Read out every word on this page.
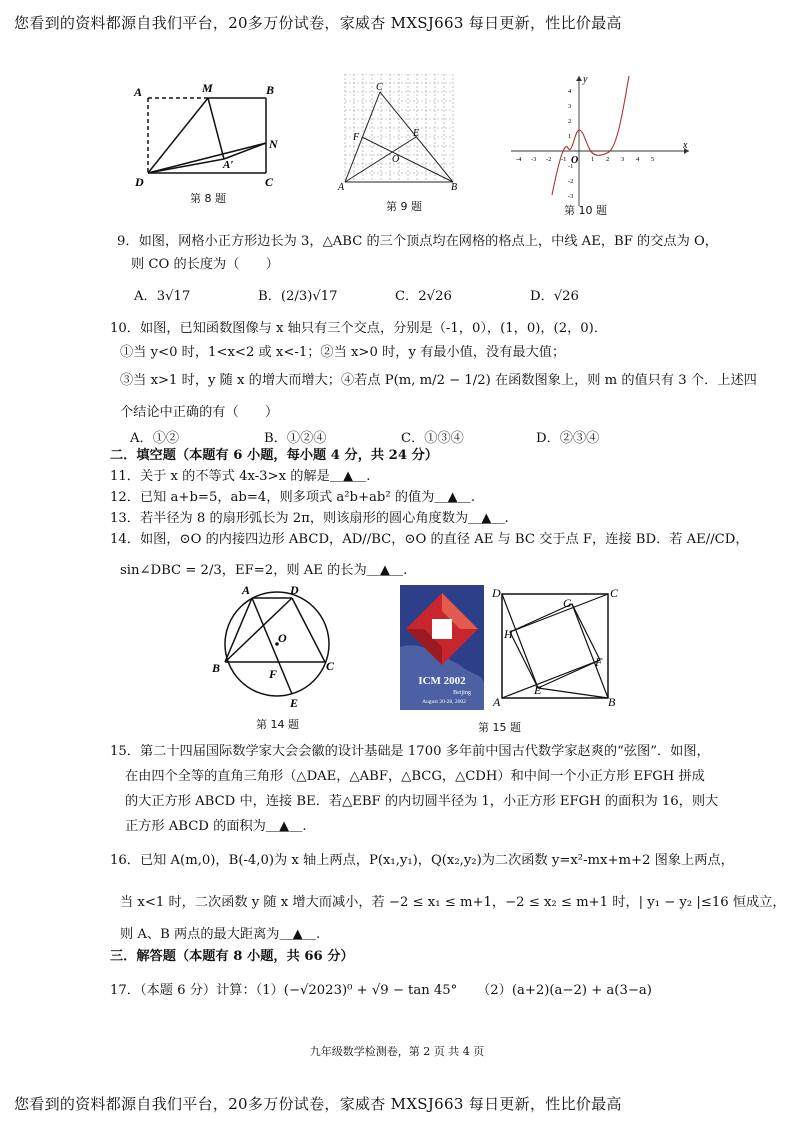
您看到的资料都源自我们平台，20多万份试卷，家威杏 MXSJ663 每日更新，性比价最高
A	M	B
N
A′
D	C
第 8 题
C
F	E
O
A	B
第 9 题
-4 -3 -2 -1	1 2 3 4 5
4
3
2
1
-1
-2
-3
x
y
O
第 10 题
9．如图，网格小正方形边长为 3，△ABC 的三个顶点均在网格的格点上，中线 AE，BF 的交点为 O，
则 CO 的长度为（　　）
A．3√17	B．(2/3)√17	C．2√26	D．√26
10．如图，已知函数图像与 x 轴只有三个交点，分别是（-1，0），(1，0)，(2，0)．
①当 y<0 时，1<x<2 或 x<-1；②当 x>0 时，y 有最小值，没有最大值；
③当 x>1 时，y 随 x 的增大而增大；④若点 P(m, m/2 − 1/2) 在函数图象上，则 m 的值只有 3 个．上述四
个结论中正确的有（　　）
A．①②	B．①②④	C．①③④	D．②③④
二．填空题（本题有 6 小题，每小题 4 分，共 24 分）
11．关于 x 的不等式 4x-3>x 的解是＿▲＿.
12．已知 a+b=5，ab=4，则多项式 a²b+ab² 的值为＿▲＿.
13．若半径为 8 的扇形弧长为 2π，则该扇形的圆心角度数为＿▲＿.
14．如图，⊙O 的内接四边形 ABCD，AD//BC，⊙O 的直径 AE 与 BC 交于点 F，连接 BD．若 AE//CD，
sin∠DBC = 2/3，EF=2，则 AE 的长为＿▲＿.
A	D
O
B	C
F
E
第 14 题
ICM 2002
Beijing
August 20-28, 2002
D	C
G
H
F
E
A	B
第 15 题
15．第二十四届国际数学家大会会徽的设计基础是 1700 多年前中国古代数学家赵爽的“弦图”．如图，
在由四个全等的直角三角形（△DAE，△ABF，△BCG，△CDH）和中间一个小正方形 EFGH 拼成
的大正方形 ABCD 中，连接 BE．若△EBF 的内切圆半径为 1，小正方形 EFGH 的面积为 16，则大
正方形 ABCD 的面积为＿▲＿.
16．已知 A(m,0)，B(-4,0)为 x 轴上两点，P(x₁,y₁)，Q(x₂,y₂)为二次函数 y=x²-mx+m+2 图象上两点，
当 x<1 时，二次函数 y 随 x 增大而减小，若 −2 ≤ x₁ ≤ m+1，−2 ≤ x₂ ≤ m+1 时，| y₁ − y₂ |≤16 恒成立，
则 A、B 两点的最大距离为＿▲＿.
三．解答题（本题有 8 小题，共 66 分）
17．（本题 6 分）计算：（1）(−√2023)⁰ + √9 − tan 45°　　（2）(a+2)(a−2) + a(3−a)
九年级数学检测卷，第 2 页 共 4 页
您看到的资料都源自我们平台，20多万份试卷，家威杏 MXSJ663 每日更新，性比价最高
